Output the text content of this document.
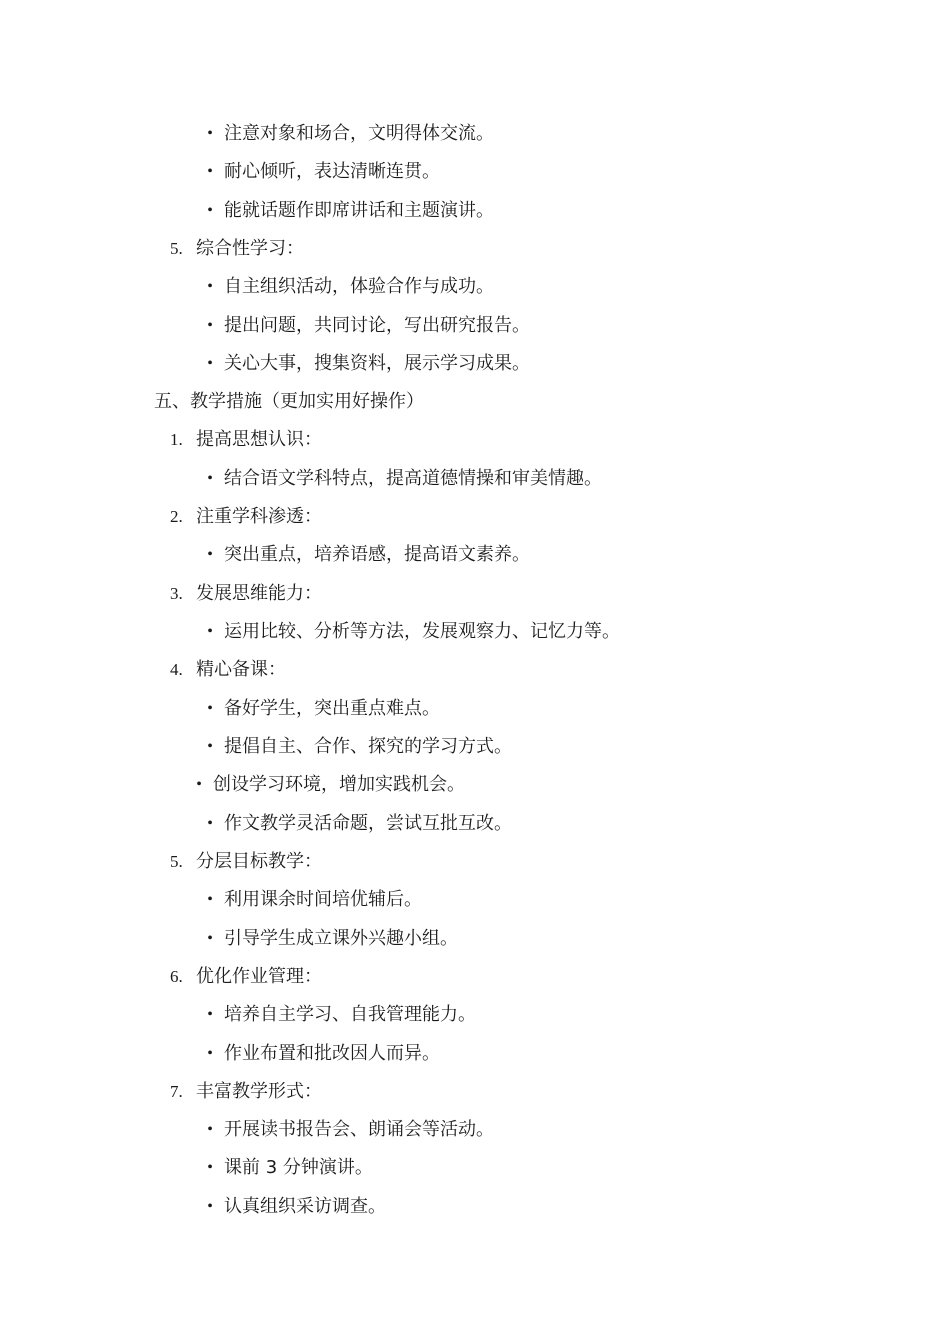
• 注意对象和场合，文明得体交流。
• 耐心倾听，表达清晰连贯。
• 能就话题作即席讲话和主题演讲。
5. 综合性学习：
• 自主组织活动，体验合作与成功。
• 提出问题，共同讨论，写出研究报告。
• 关心大事，搜集资料，展示学习成果。
五、教学措施（更加实用好操作）
1. 提高思想认识：
• 结合语文学科特点，提高道德情操和审美情趣。
2. 注重学科渗透：
• 突出重点，培养语感，提高语文素养。
3. 发展思维能力：
• 运用比较、分析等方法，发展观察力、记忆力等。
4. 精心备课：
• 备好学生，突出重点难点。
• 提倡自主、合作、探究的学习方式。
• 创设学习环境，增加实践机会。
• 作文教学灵活命题，尝试互批互改。
5. 分层目标教学：
• 利用课余时间培优辅后。
• 引导学生成立课外兴趣小组。
6. 优化作业管理：
• 培养自主学习、自我管理能力。
• 作业布置和批改因人而异。
7. 丰富教学形式：
• 开展读书报告会、朗诵会等活动。
• 课前 3 分钟演讲。
• 认真组织采访调查。
